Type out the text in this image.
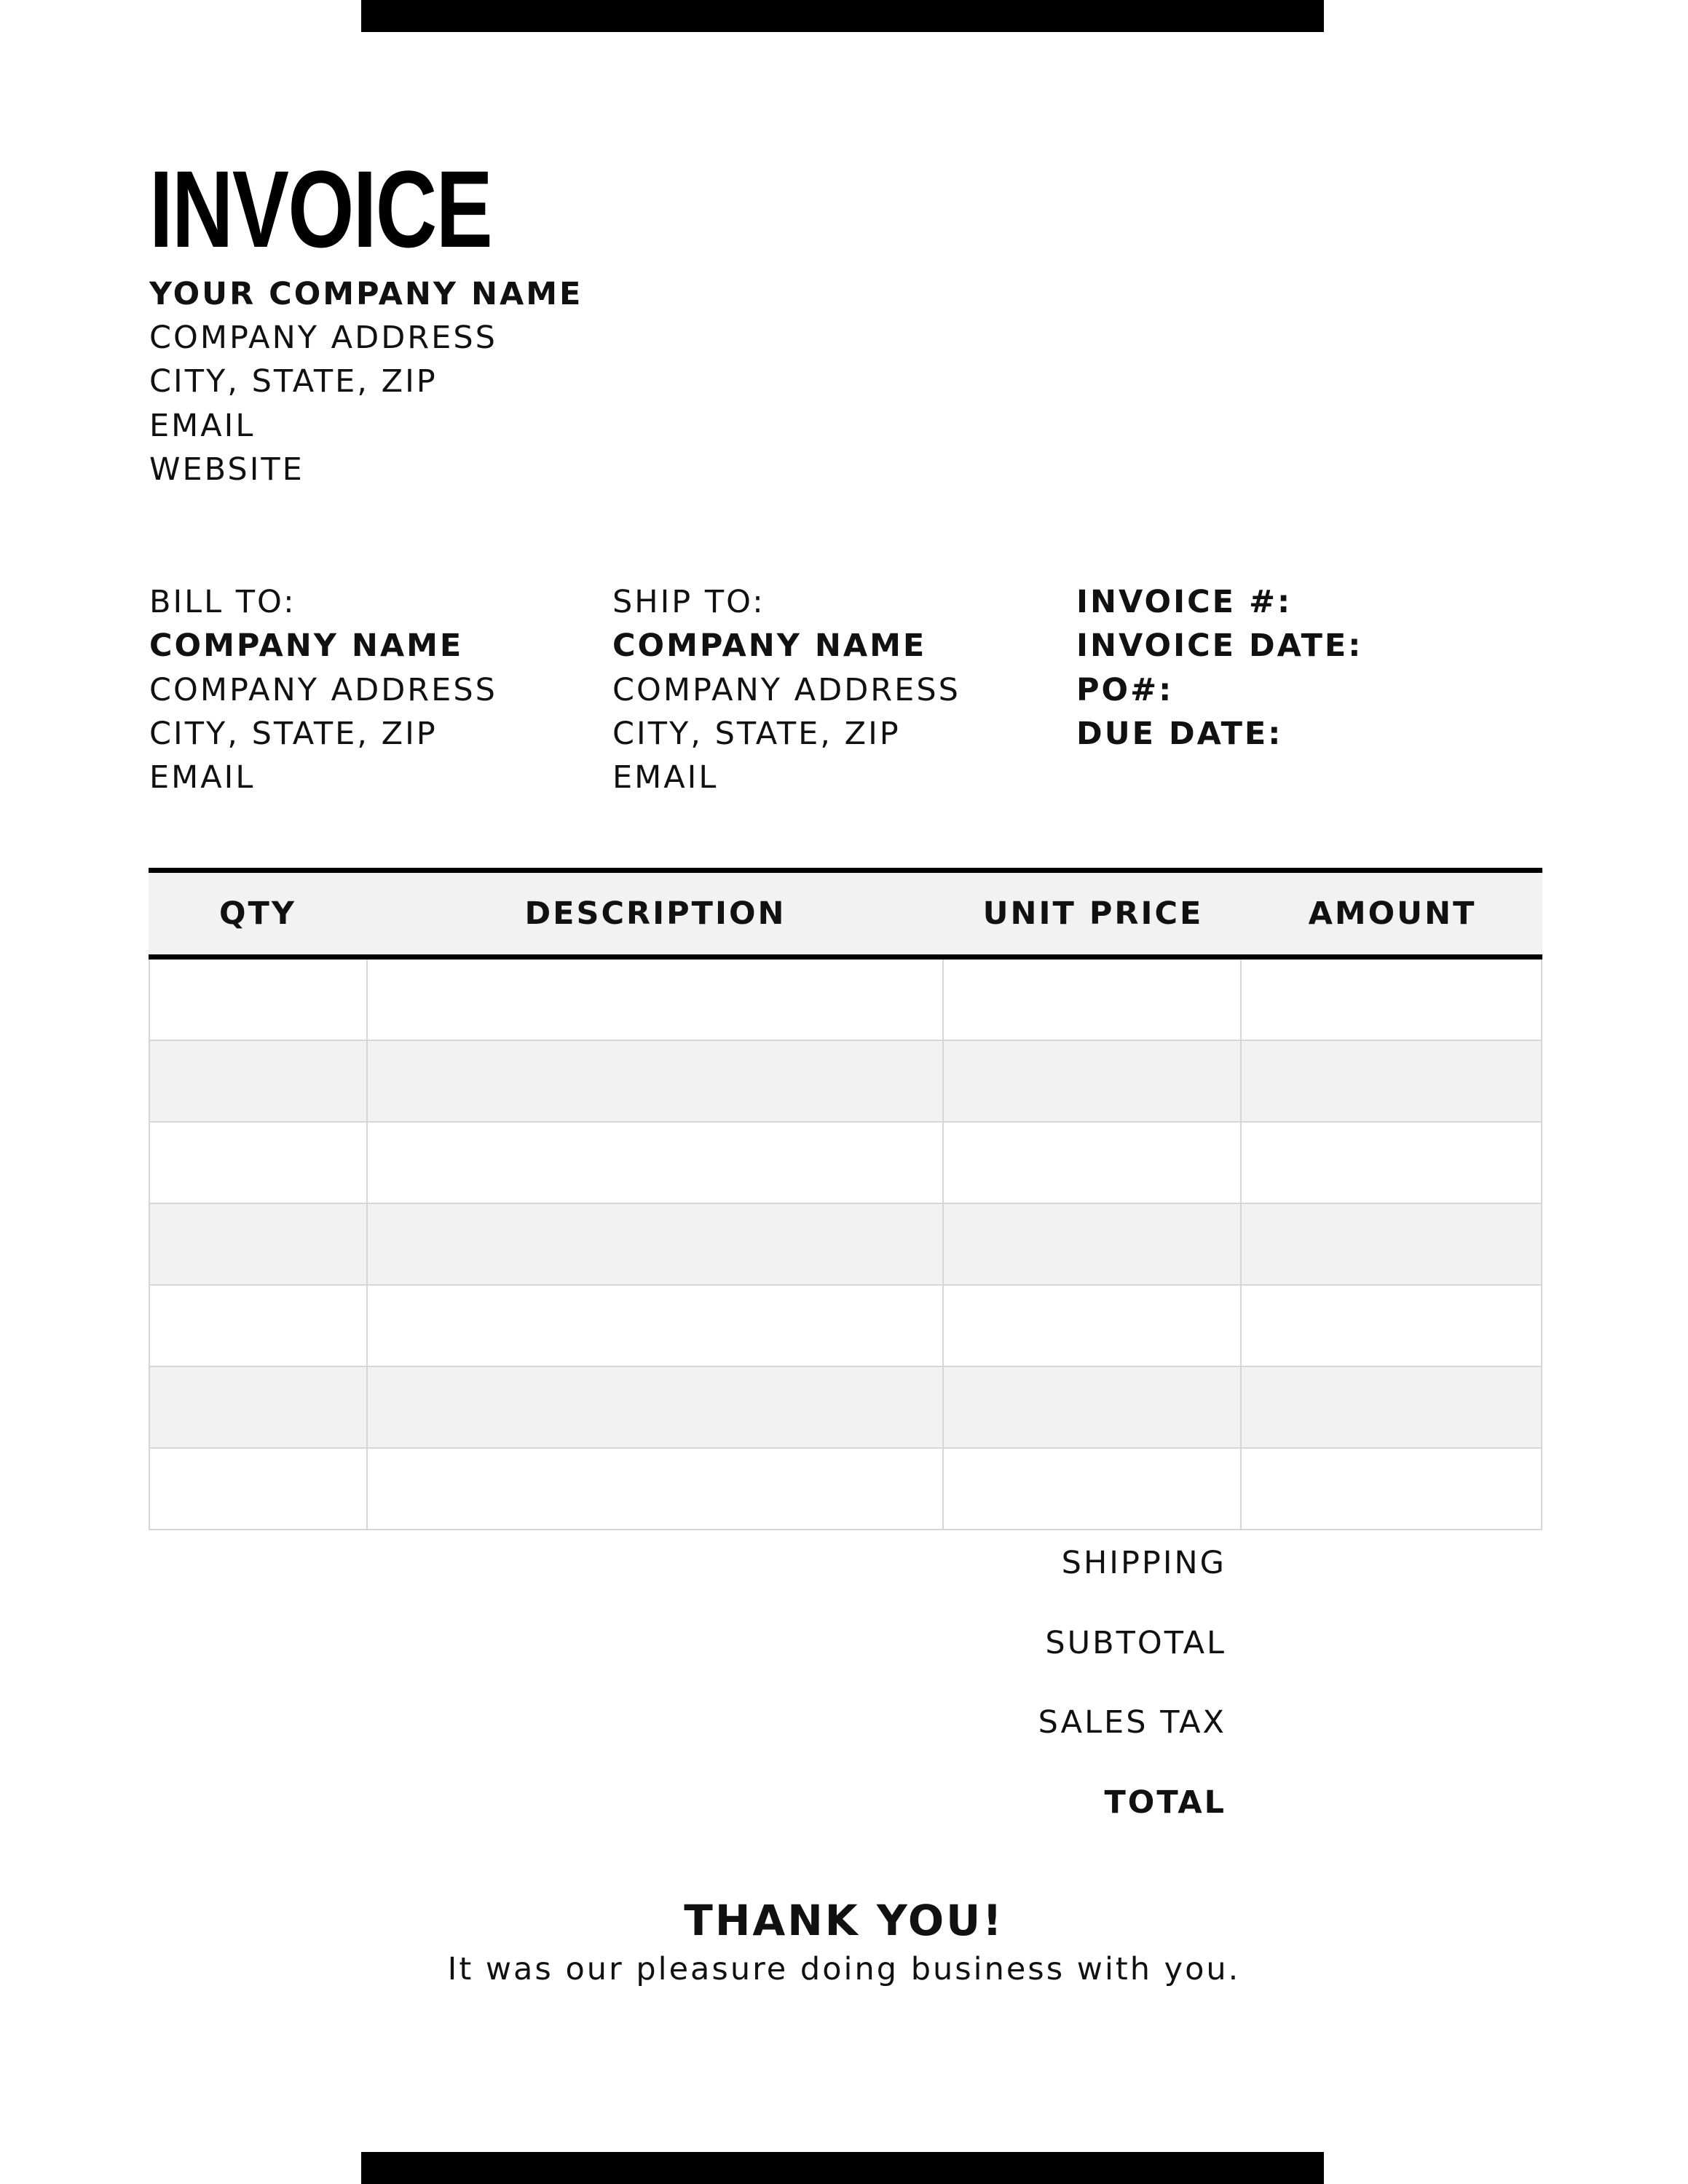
INVOICE
YOUR COMPANY NAME
COMPANY ADDRESS
CITY, STATE, ZIP
EMAIL
WEBSITE
BILL TO:
COMPANY NAME
COMPANY ADDRESS
CITY, STATE, ZIP
EMAIL
SHIP TO:
COMPANY NAME
COMPANY ADDRESS
CITY, STATE, ZIP
EMAIL
INVOICE #:
INVOICE DATE:
PO#:
DUE DATE:
QTY	DESCRIPTION	UNIT PRICE	AMOUNT
SHIPPING
SUBTOTAL
SALES TAX
TOTAL
THANK YOU!
It was our pleasure doing business with you.
